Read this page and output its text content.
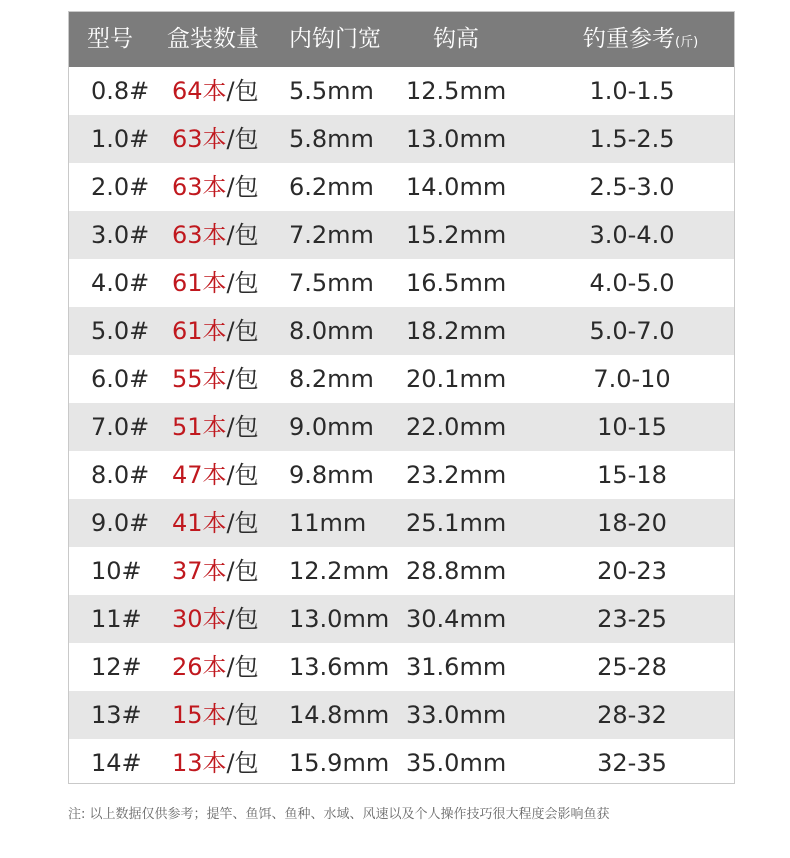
型号 盒装数量 内钩门宽 钩高	钓重参考(斤)
0.8# 64本/包 5.5mm 12.5mm	1.0-1.5
1.0# 63本/包 5.8mm 13.0mm	1.5-2.5
2.0# 63本/包 6.2mm 14.0mm	2.5-3.0
3.0# 63本/包 7.2mm 15.2mm	3.0-4.0
4.0# 61本/包 7.5mm 16.5mm	4.0-5.0
5.0# 61本/包 8.0mm 18.2mm	5.0-7.0
6.0# 55本/包 8.2mm 20.1mm	7.0-10
7.0# 51本/包 9.0mm 22.0mm	10-15
8.0# 47本/包 9.8mm 23.2mm	15-18
9.0# 41本/包 11mm 25.1mm	18-20
10# 37本/包 12.2mm 28.8mm	20-23
11# 30本/包 13.0mm 30.4mm	23-25
12# 26本/包 13.6mm 31.6mm	25-28
13# 15本/包 14.8mm 33.0mm	28-32
14# 13本/包 15.9mm 35.0mm	32-35
注: 以上数据仅供参考；提竿、鱼饵、鱼种、水域、风速以及个人操作技巧很大程度会影响鱼获
